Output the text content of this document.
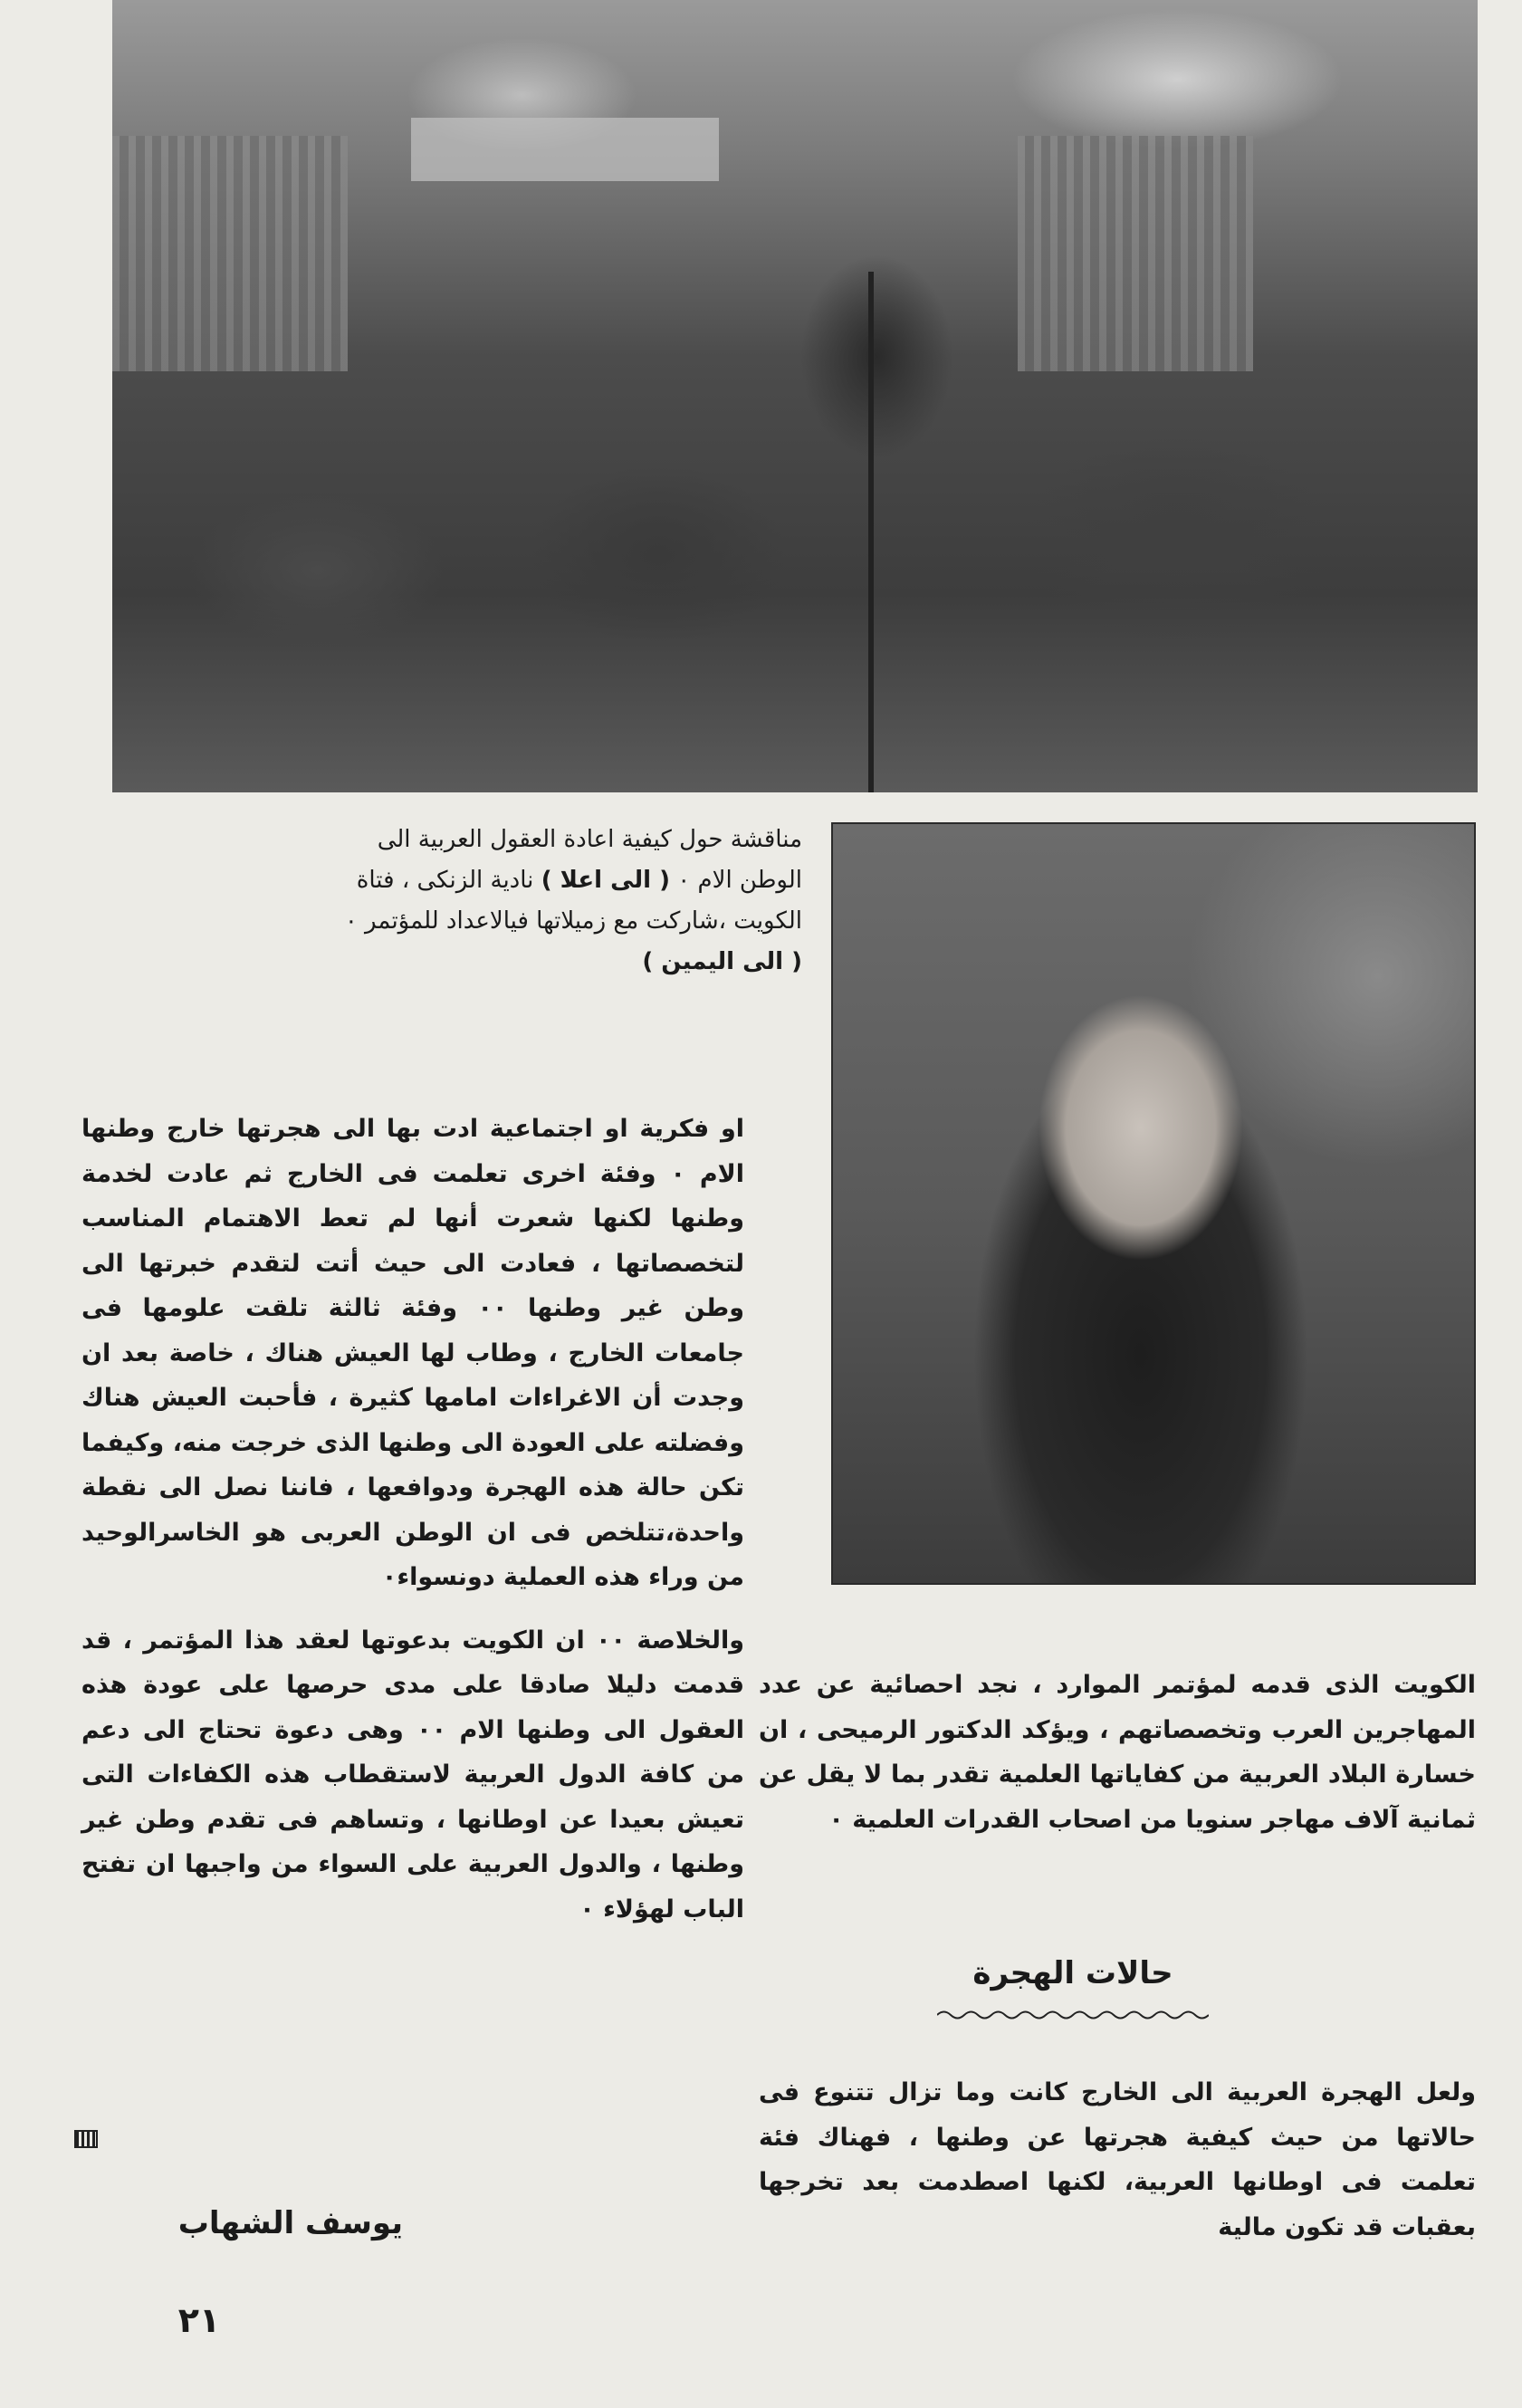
مناقشة حول كيفية اعادة العقول العربية الى
الوطن الام ٠ ( الى اعلا ) نادية الزنكى ، فتاة
الكويت ،شاركت مع زميلاتها فيالاعداد للمؤتمر ٠
( الى اليمين )

او فكرية او اجتماعية ادت بها الى هجرتها خارج وطنها الام ٠ وفئة اخرى تعلمت فى الخارج ثم عادت لخدمة وطنها لكنها شعرت أنها لم تعط الاهتمام المناسب لتخصصاتها ، فعادت الى حيث أتت لتقدم خبرتها الى وطن غير وطنها ٠٠ وفئة ثالثة تلقت علومها فى جامعات الخارج ، وطاب لها العيش هناك ، خاصة بعد ان وجدت أن الاغراءات امامها كثيرة ، فأحبت العيش هناك وفضلته على العودة الى وطنها الذى خرجت منه، وكيفما تكن حالة هذه الهجرة ودوافعها ، فاننا نصل الى نقطة واحدة،تتلخص فى ان الوطن العربى هو الخاسرالوحيد من وراء هذه العملية دونسواء٠

والخلاصة ٠٠ ان الكويت بدعوتها لعقد هذا المؤتمر ، قد قدمت دليلا صادقا على مدى حرصها على عودة هذه العقول الى وطنها الام ٠٠ وهى دعوة تحتاج الى دعم من كافة الدول العربية لاستقطاب هذه الكفاءات التى تعيش بعيدا عن اوطانها ، وتساهم فى تقدم وطن غير وطنها ، والدول العربية على السواء من واجبها ان تفتح الباب لهؤلاء ٠

الكويت الذى قدمه لمؤتمر الموارد ، نجد احصائية عن عدد المهاجرين العرب وتخصصاتهم ، ويؤكد الدكتور الرميحى ، ان خسارة البلاد العربية من كفاياتها العلمية تقدر بما لا يقل عن ثمانية آلاف مهاجر سنويا من اصحاب القدرات العلمية ٠

حالات الهجرة

ولعل الهجرة العربية الى الخارج كانت وما تزال تتنوع فى حالاتها من حيث كيفية هجرتها عن وطنها ، فهناك فئة تعلمت فى اوطانها العربية، لكنها اصطدمت بعد تخرجها بعقبات قد تكون مالية

يوسف الشهاب
٢١
